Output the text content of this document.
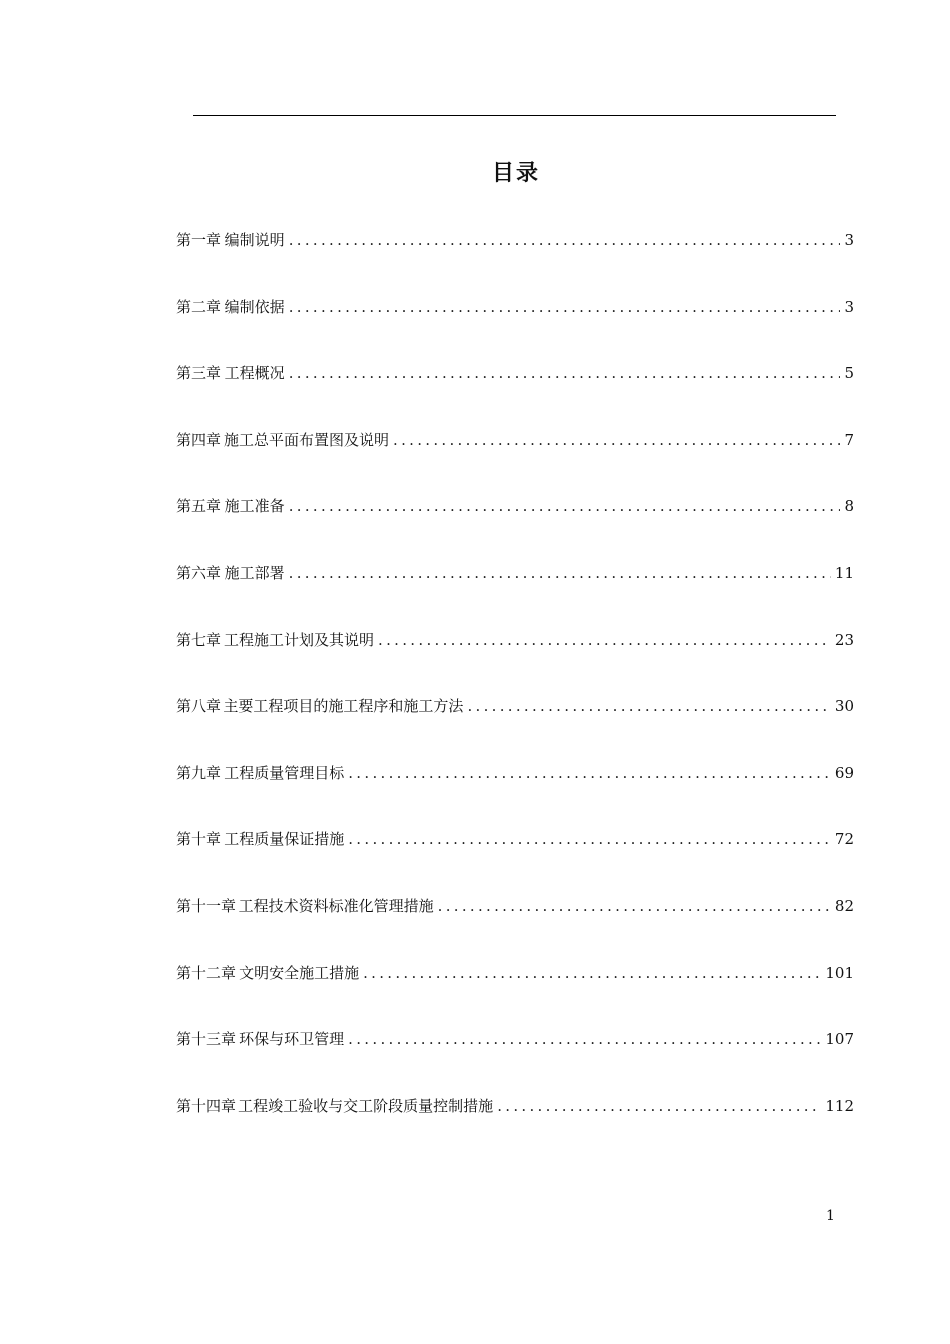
目录
第一章 编制说明 .....	3
第二章 编制依据 .....	3
第三章 工程概况 .....	5
第四章 施工总平面布置图及说明 .....	7
第五章 施工准备 .....	8
第六章 施工部署 .....	11
第七章 工程施工计划及其说明 .....	23
第八章 主要工程项目的施工程序和施工方法 .....	30
第九章 工程质量管理目标 .....	69
第十章 工程质量保证措施 .....	72
第十一章 工程技术资料标准化管理措施 .....	82
第十二章 文明安全施工措施 .....	101
第十三章 环保与环卫管理 .....	107
第十四章 工程竣工验收与交工阶段质量控制措施 .....	112
1
